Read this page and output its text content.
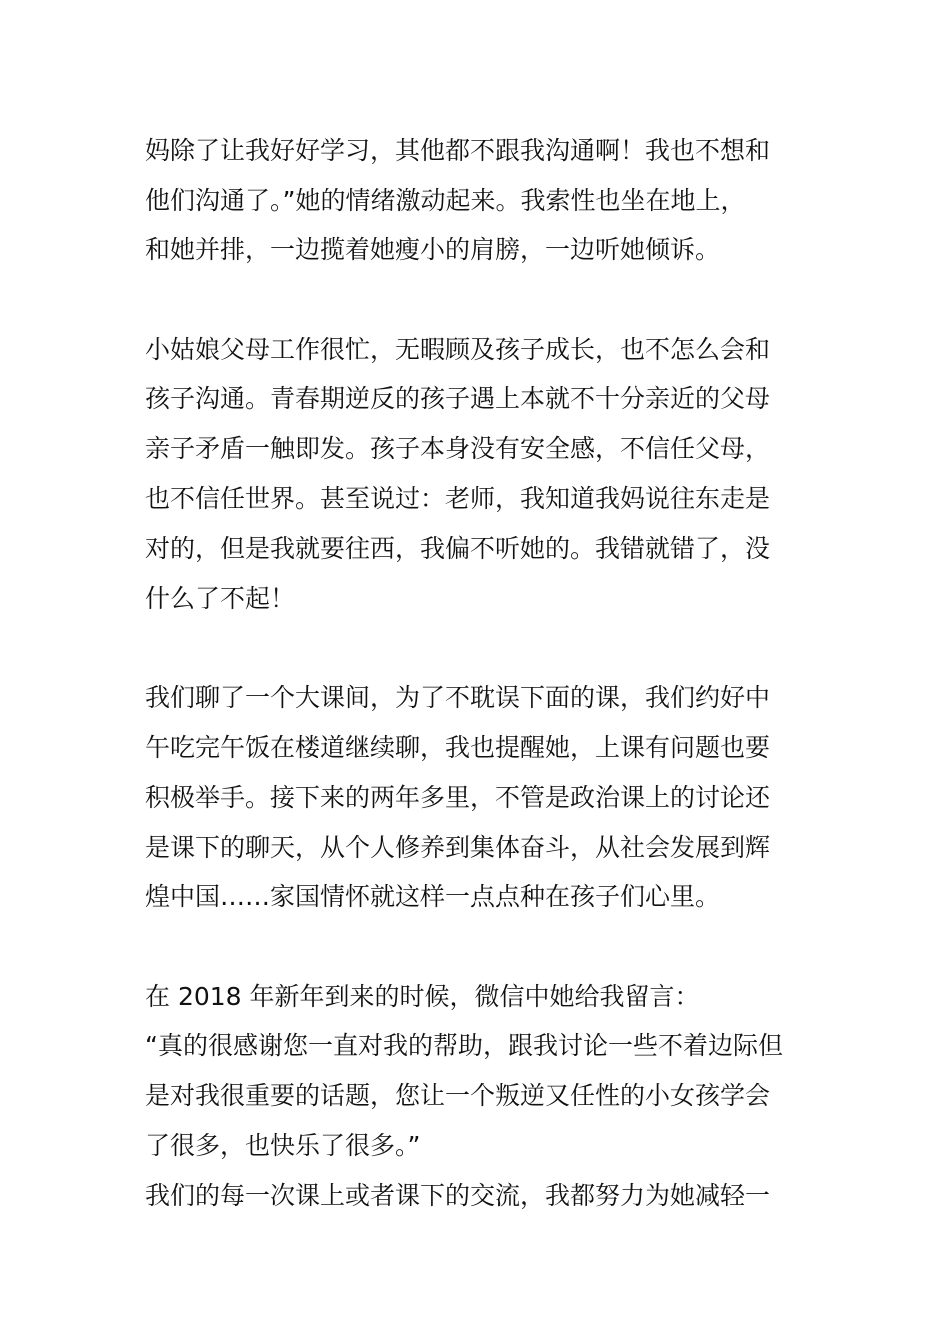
妈除了让我好好学习，其他都不跟我沟通啊！我也不想和
他们沟通了。”她的情绪激动起来。我索性也坐在地上，
和她并排，一边揽着她瘦小的肩膀，一边听她倾诉。
小姑娘父母工作很忙，无暇顾及孩子成长，也不怎么会和
孩子沟通。青春期逆反的孩子遇上本就不十分亲近的父母
亲子矛盾一触即发。孩子本身没有安全感，不信任父母，
也不信任世界。甚至说过：老师，我知道我妈说往东走是
对的，但是我就要往西，我偏不听她的。我错就错了，没
什么了不起！
我们聊了一个大课间，为了不耽误下面的课，我们约好中
午吃完午饭在楼道继续聊，我也提醒她，上课有问题也要
积极举手。接下来的两年多里，不管是政治课上的讨论还
是课下的聊天，从个人修养到集体奋斗，从社会发展到辉
煌中国……家国情怀就这样一点点种在孩子们心里。
在 2018 年新年到来的时候，微信中她给我留言：
“真的很感谢您一直对我的帮助，跟我讨论一些不着边际但
是对我很重要的话题，您让一个叛逆又任性的小女孩学会
了很多，也快乐了很多。”
我们的每一次课上或者课下的交流，我都努力为她减轻一
